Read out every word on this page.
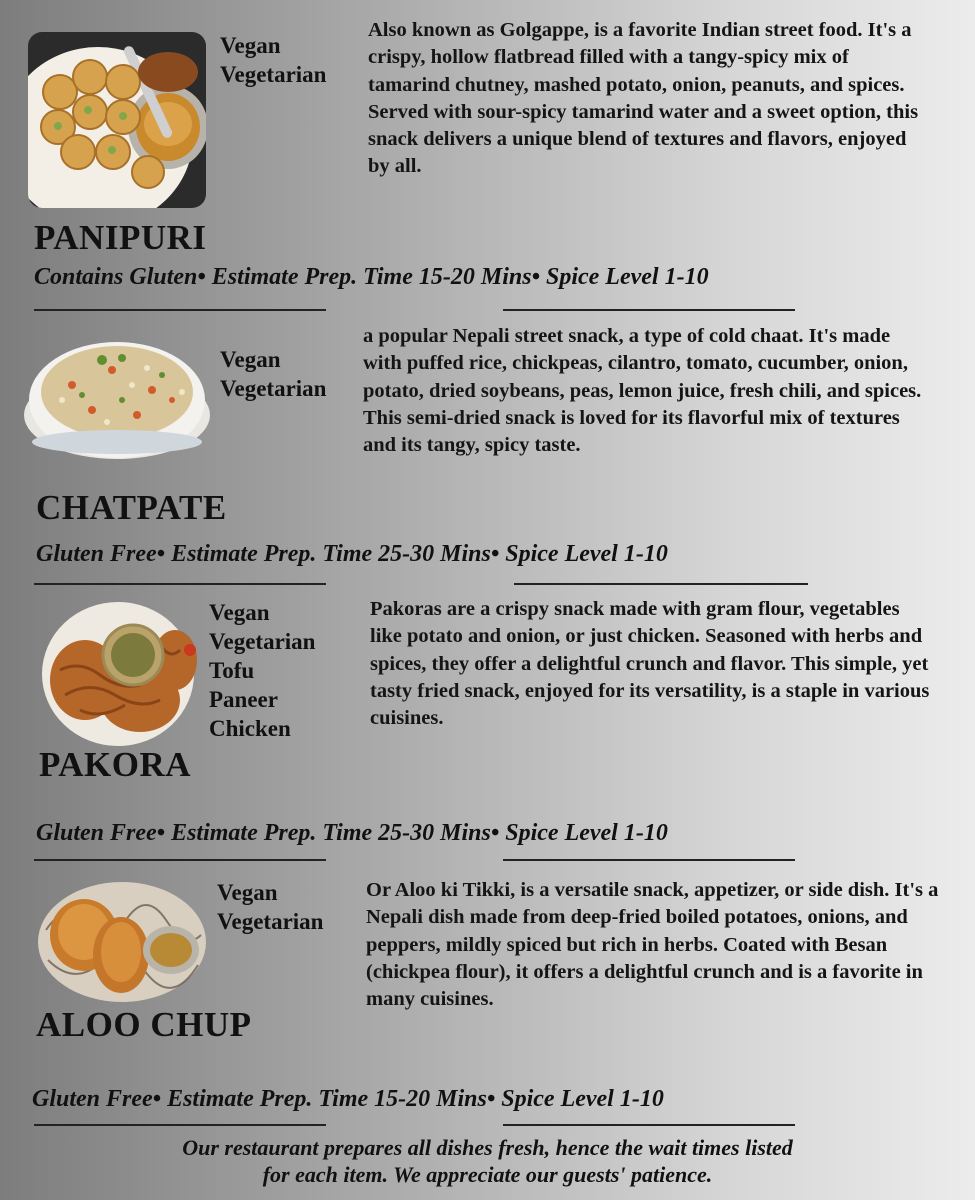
Vegan
Vegetarian
Also known as Golgappe, is a favorite Indian street food. It's a crispy, hollow flatbread filled with a tangy-spicy mix of tamarind chutney, mashed potato, onion, peanuts, and spices. Served with sour-spicy tamarind water and a sweet option, this snack delivers a unique blend of textures and flavors, enjoyed by all.
PANIPURI
Contains Gluten• Estimate Prep. Time 15-20 Mins• Spice Level 1-10
Vegan
Vegetarian
a popular Nepali street snack, a type of cold chaat. It's made with puffed rice, chickpeas, cilantro, tomato, cucumber, onion, potato, dried soybeans, peas, lemon juice, fresh chili, and spices. This semi-dried snack is loved for its flavorful mix of textures and its tangy, spicy taste.
CHATPATE
Gluten Free• Estimate Prep. Time 25-30 Mins• Spice Level 1-10
Vegan
Vegetarian
Tofu
Paneer
Chicken
Pakoras are a crispy snack made with gram flour, vegetables like potato and onion, or just chicken. Seasoned with herbs and spices, they offer a delightful crunch and flavor. This simple, yet tasty fried snack, enjoyed for its versatility, is a staple in various cuisines.
PAKORA
Gluten Free• Estimate Prep. Time 25-30 Mins• Spice Level 1-10
Vegan
Vegetarian
Or Aloo ki Tikki, is a versatile snack, appetizer, or side dish. It's a Nepali dish made from deep-fried boiled potatoes, onions, and peppers, mildly spiced but rich in herbs. Coated with Besan (chickpea flour), it offers a delightful crunch and is a favorite in many cuisines.
ALOO CHUP
Gluten Free• Estimate Prep. Time 15-20 Mins• Spice Level 1-10
Our restaurant prepares all dishes fresh, hence the wait times listed
for each item. We appreciate our guests' patience.
